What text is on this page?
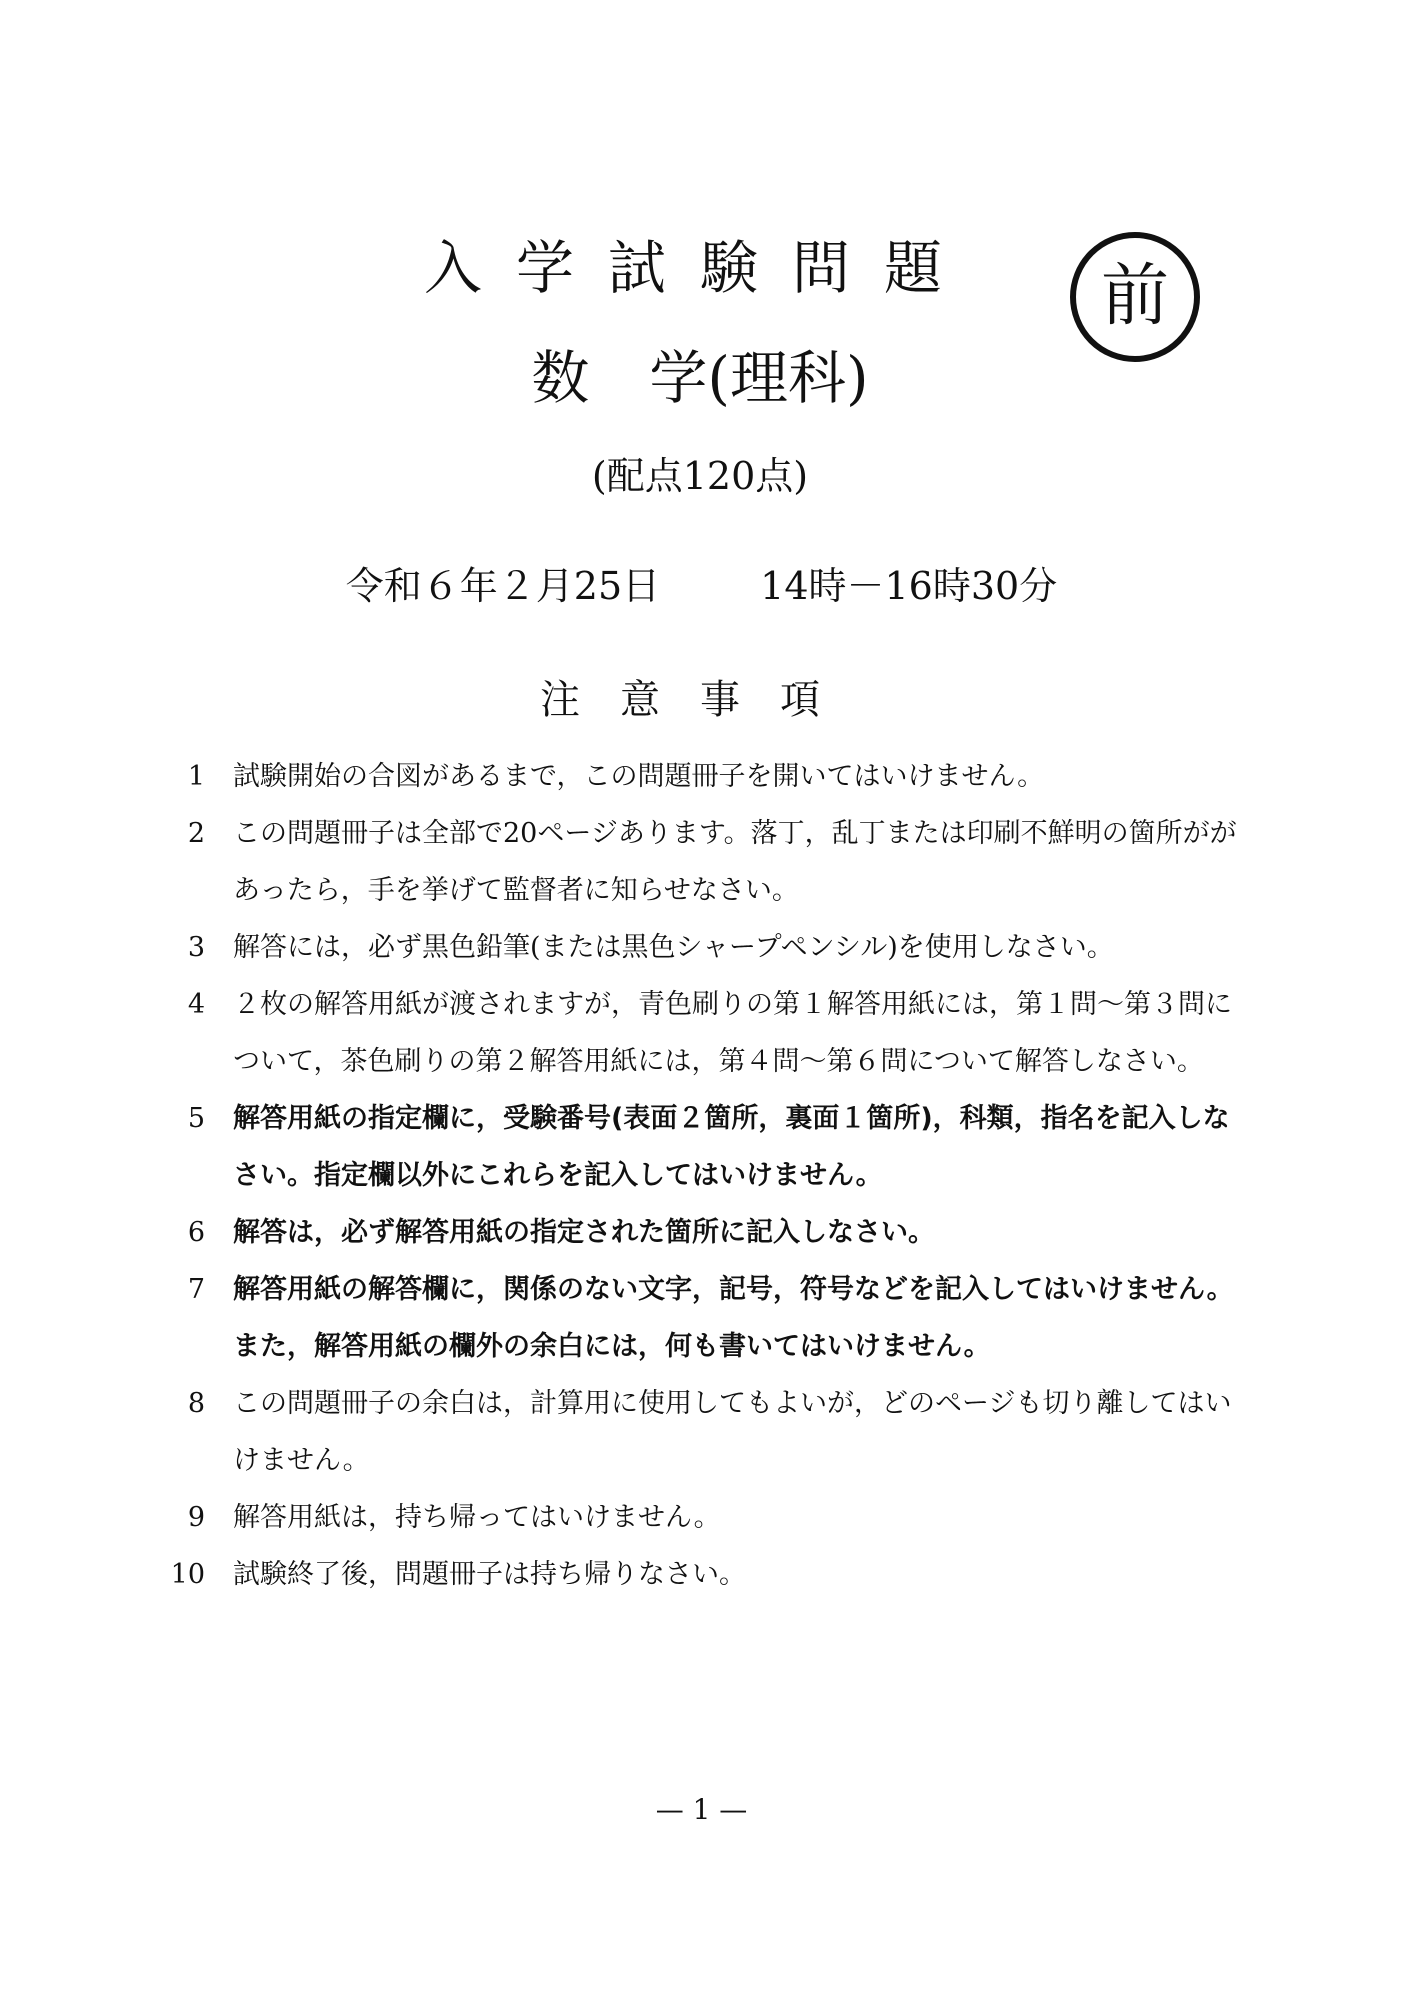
入学試験問題	前
数 学(理科)
(配点120点)
令和６年２月25日	14時－16時30分
注意事項
1 試験開始の合図があるまで，この問題冊子を開いてはいけません。
2 この問題冊子は全部で20ページあります。落丁，乱丁または印刷不鮮明の箇所ががあったら，手を挙げて監督者に知らせなさい。
3 解答には，必ず黒色鉛筆(または黒色シャープペンシル)を使用しなさい。
4 ２枚の解答用紙が渡されますが，青色刷りの第１解答用紙には，第１問～第３問について，茶色刷りの第２解答用紙には，第４問～第６問について解答しなさい。
5 解答用紙の指定欄に，受験番号(表面２箇所，裏面１箇所)，科類，指名を記入しなさい。指定欄以外にこれらを記入してはいけません。
6 解答は，必ず解答用紙の指定された箇所に記入しなさい。
7 解答用紙の解答欄に，関係のない文字，記号，符号などを記入してはいけません。また，解答用紙の欄外の余白には，何も書いてはいけません。
8 この問題冊子の余白は，計算用に使用してもよいが，どのページも切り離してはいけません。
9 解答用紙は，持ち帰ってはいけません。
10 試験終了後，問題冊子は持ち帰りなさい。
— 1 —
